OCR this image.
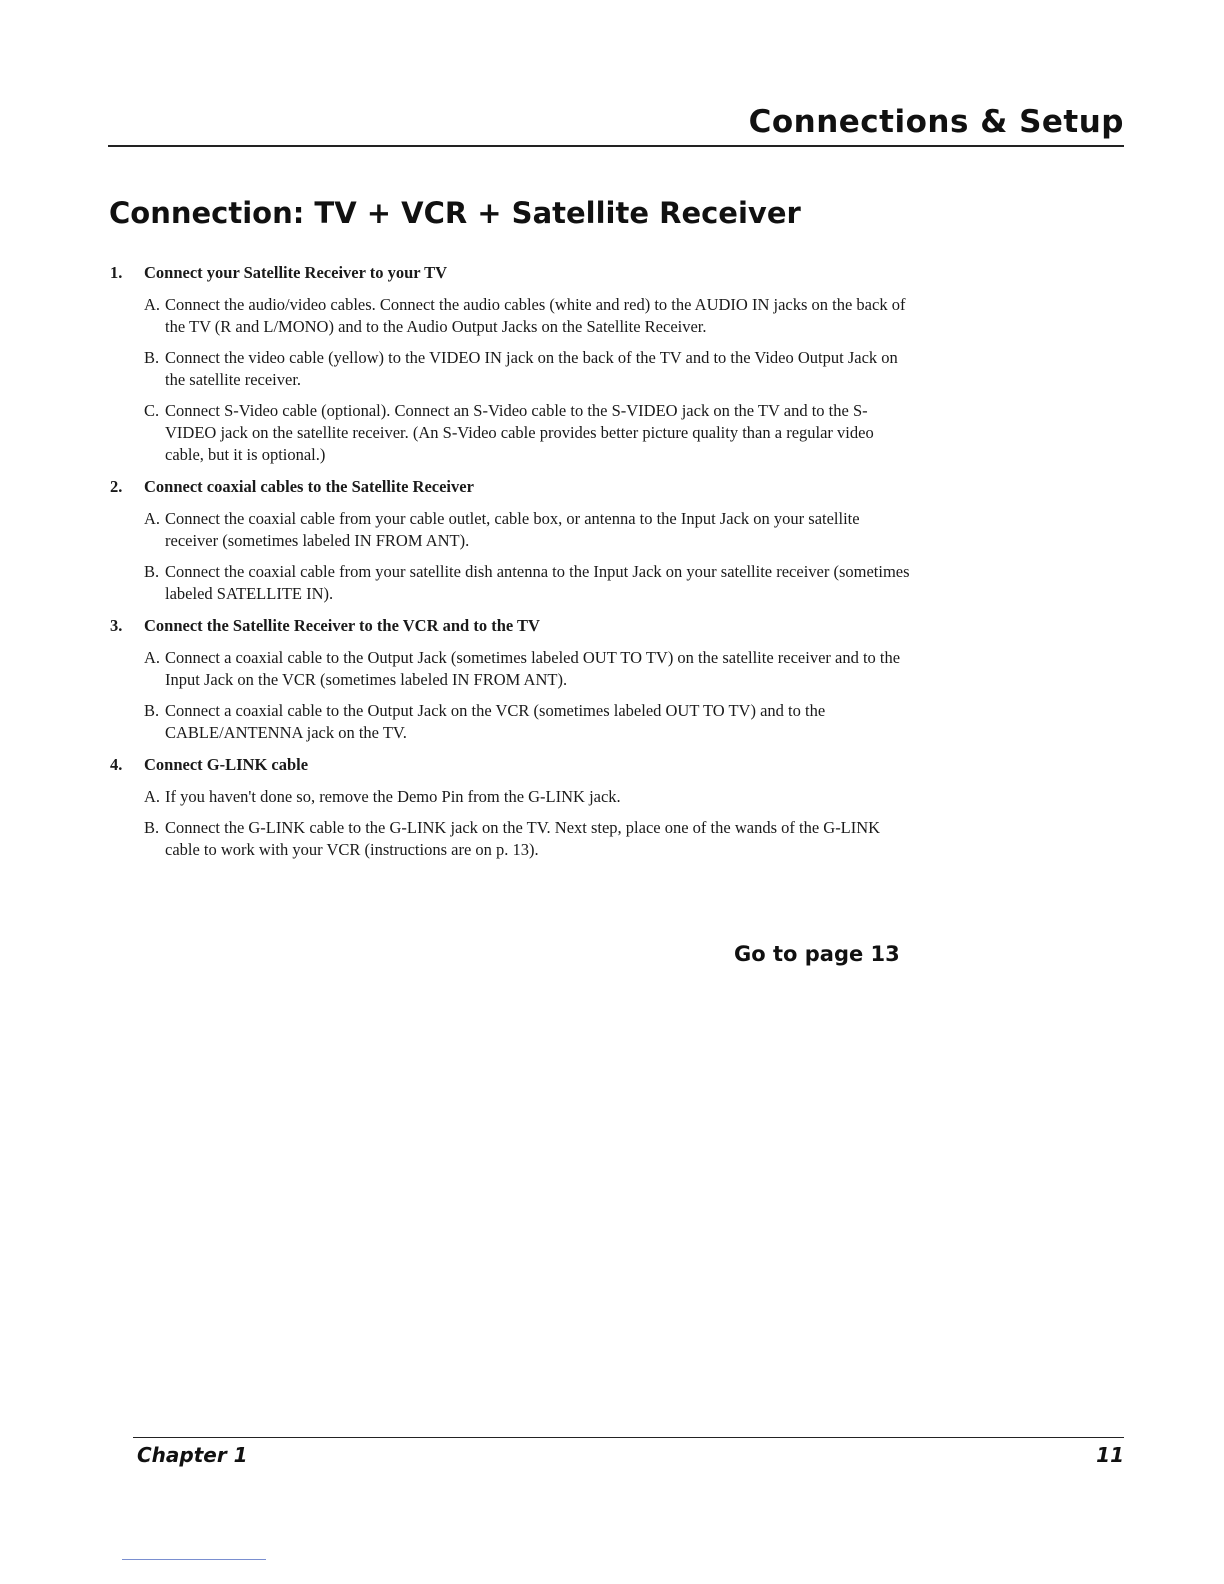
Connections & Setup
Connection: TV + VCR + Satellite Receiver
1. Connect your Satellite Receiver to your TV
A. Connect the audio/video cables. Connect the audio cables (white and red) to the AUDIO IN jacks on the back of the TV (R and L/MONO) and to the Audio Output Jacks on the Satellite Receiver.
B. Connect the video cable (yellow) to the VIDEO IN jack on the back of the TV and to the Video Output Jack on the satellite receiver.
C. Connect S-Video cable (optional). Connect an S-Video cable to the S-VIDEO jack on the TV and to the S-VIDEO jack on the satellite receiver. (An S-Video cable provides better picture quality than a regular video cable, but it is optional.)
2. Connect coaxial cables to the Satellite Receiver
A. Connect the coaxial cable from your cable outlet, cable box, or antenna to the Input Jack on your satellite receiver (sometimes labeled IN FROM ANT).
B. Connect the coaxial cable from your satellite dish antenna to the Input Jack on your satellite receiver (sometimes labeled SATELLITE IN).
3. Connect the Satellite Receiver to the VCR and to the TV
A. Connect a coaxial cable to the Output Jack (sometimes labeled OUT TO TV) on the satellite receiver and to the Input Jack on the VCR (sometimes labeled IN FROM ANT).
B. Connect a coaxial cable to the Output Jack on the VCR (sometimes labeled OUT TO TV) and to the CABLE/ANTENNA jack on the TV.
4. Connect G-LINK cable
A. If you haven't done so, remove the Demo Pin from the G-LINK jack.
B. Connect the G-LINK cable to the G-LINK jack on the TV. Next step, place one of the wands of the G-LINK cable to work with your VCR (instructions are on p. 13).
Go to page 13
Chapter 1	11
